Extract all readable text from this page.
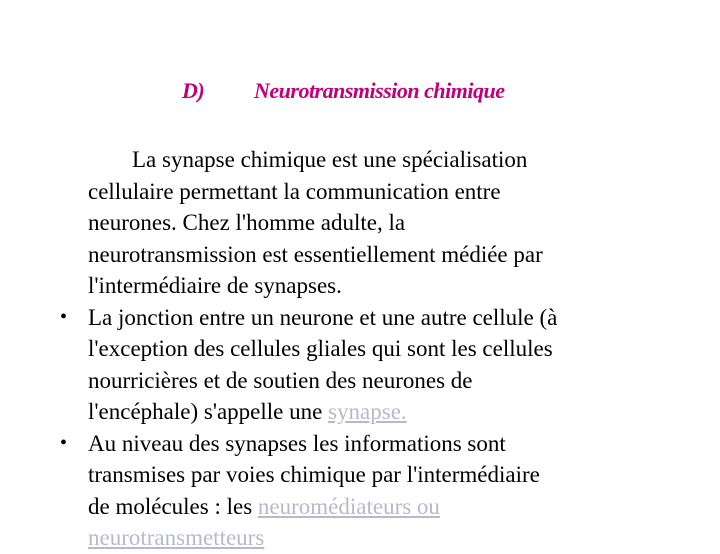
D) Neurotransmission chimique
La synapse chimique est une spécialisation
cellulaire permettant la communication entre
neurones. Chez l'homme adulte, la
neurotransmission est essentiellement médiée par
l'intermédiaire de synapses.
• La jonction entre un neurone et une autre cellule (à
l'exception des cellules gliales qui sont les cellules
nourricières et de soutien des neurones de
l'encéphale) s'appelle une synapse.
• Au niveau des synapses les informations sont
transmises par voies chimique par l'intermédiaire
de molécules : les neuromédiateurs ou
neurotransmetteurs
